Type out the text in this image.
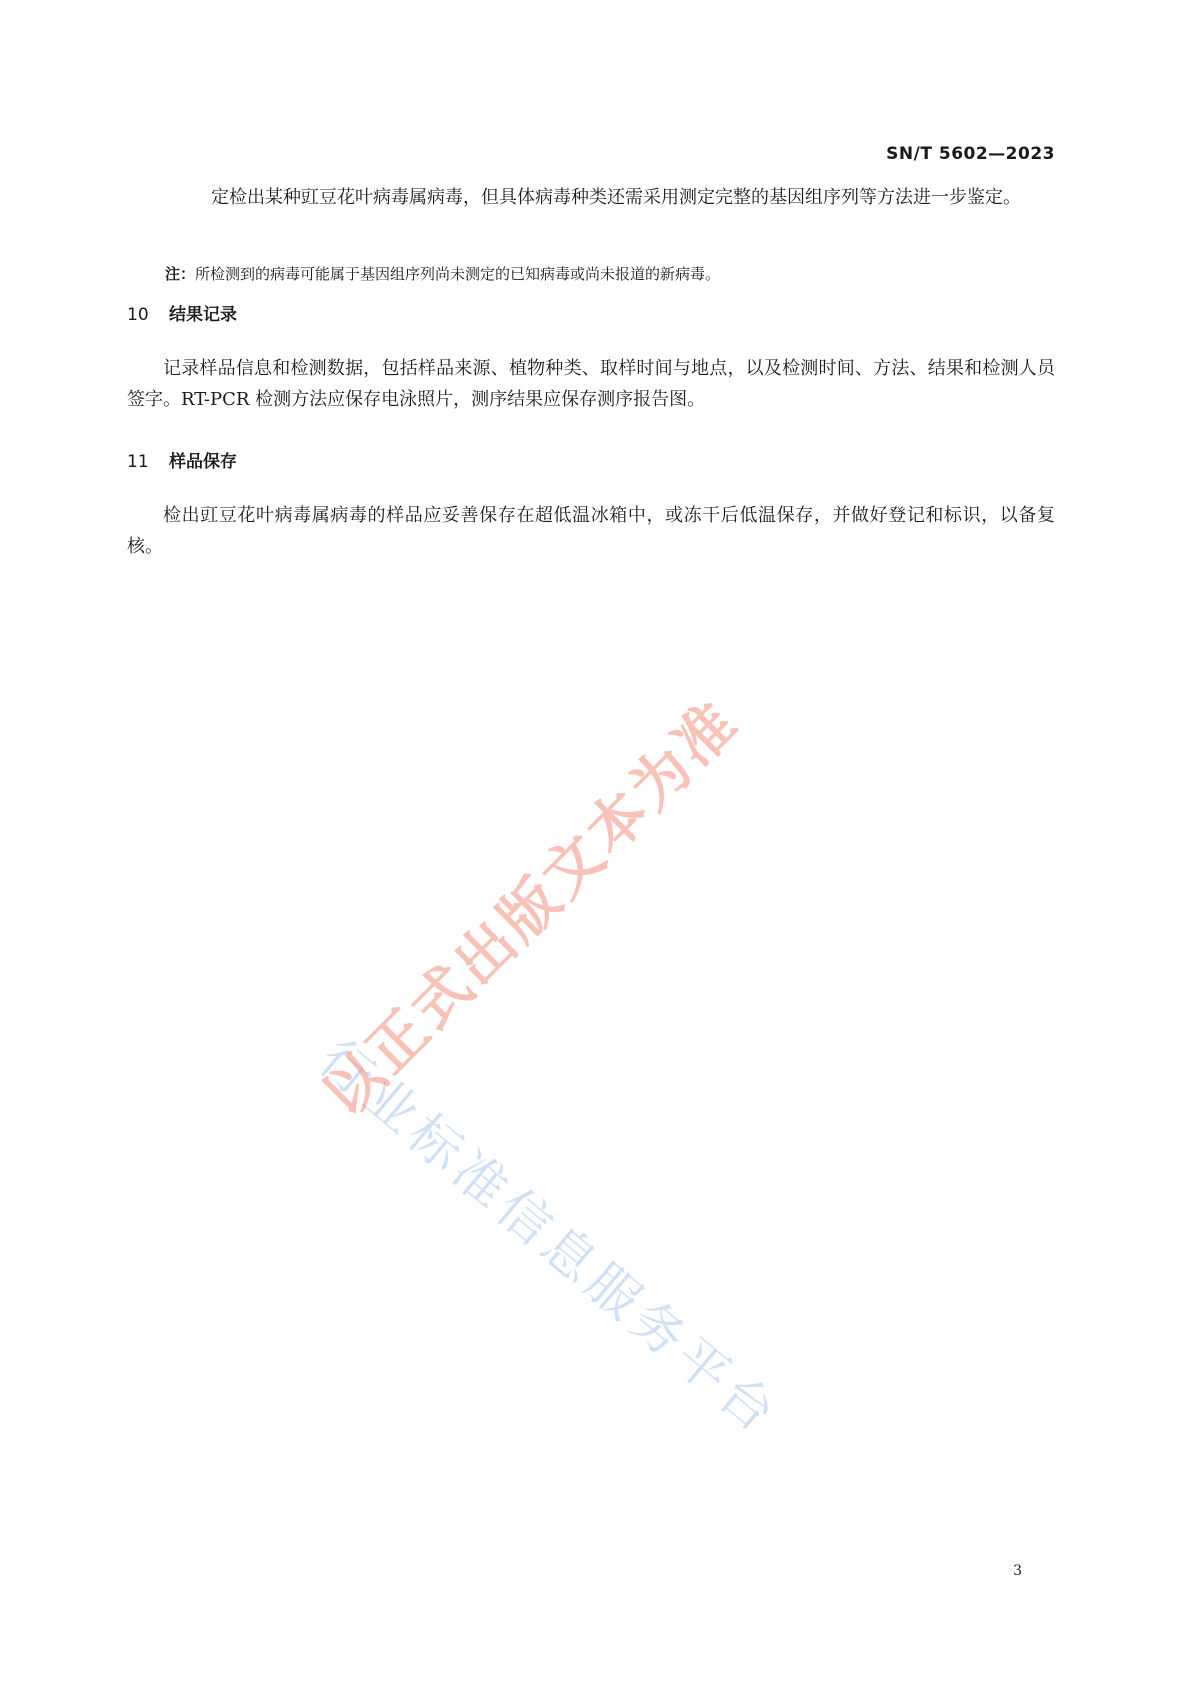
SN/T 5602—2023
定检出某种豇豆花叶病毒属病毒，但具体病毒种类还需采用测定完整的基因组序列等方法进一步鉴定。
注：所检测到的病毒可能属于基因组序列尚未测定的已知病毒或尚未报道的新病毒。
10 结果记录
记录样品信息和检测数据，包括样品来源、植物种类、取样时间与地点，以及检测时间、方法、结果和检测人员签字。RT-PCR 检测方法应保存电泳照片，测序结果应保存测序报告图。
11 样品保存
检出豇豆花叶病毒属病毒的样品应妥善保存在超低温冰箱中，或冻干后低温保存，并做好登记和标识，以备复核。
行业标准信息服务平台
以正式出版文本为准
3
